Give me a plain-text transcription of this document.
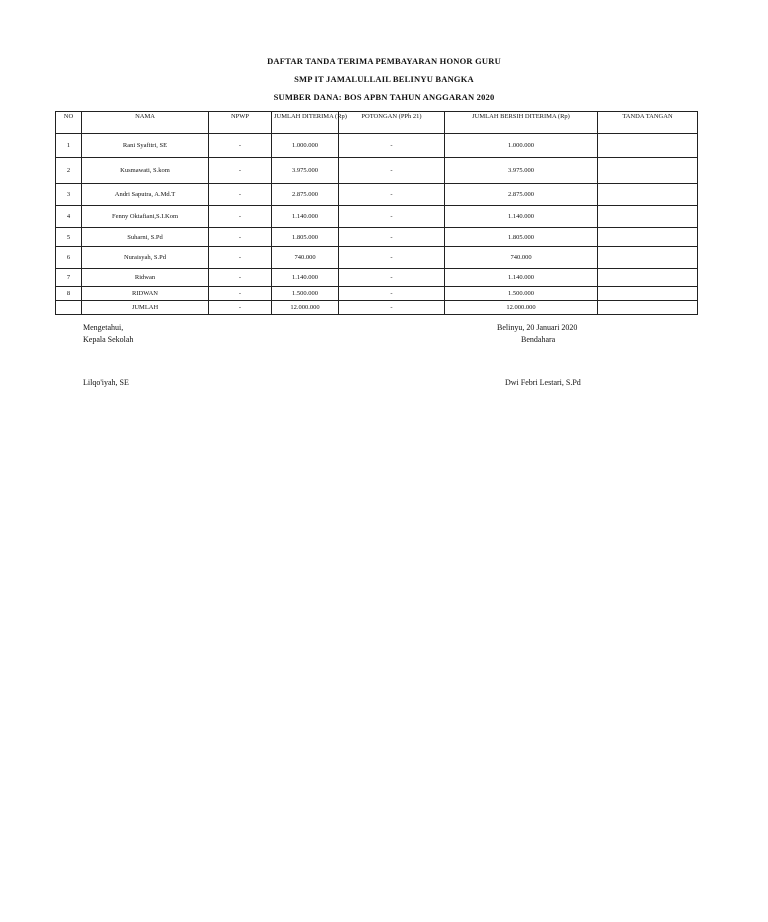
DAFTAR TANDA TERIMA PEMBAYARAN HONOR GURU
SMP IT JAMALULLAIL BELINYU BANGKA
SUMBER DANA: BOS APBN TAHUN ANGGARAN 2020
NO	NAMA	NPWP	JUMLAH DITERIMA (Rp)	POTONGAN (PPh 21)	JUMLAH BERSIH DITERIMA (Rp)	TANDA TANGAN
1	Rani Syafitri, SE	-	1.000.000	-	1.000.000	
2	Kusmawati, S.kom	-	3.975.000	-	3.975.000	
3	Andri Saputra, A.Md.T	-	2.875.000	-	2.875.000	
4	Fenny Oktafiani,S.I.Kom	-	1.140.000	-	1.140.000	
5	Suharni, S.Pd	-	1.805.000	-	1.805.000	
6	Nuraisyah, S.Pd	-	740.000	-	740.000	
7	Ridwan	-	1.140.000	-	1.140.000	
8	RIDWAN	-	1.500.000	-	1.500.000	
	JUMLAH	-	12.000.000	-	12.000.000	
Mengetahui,
Kepala Sekolah
Lilqo'iyah, SE
Belinyu, 20 Januari 2020
Bendahara
Dwi Febri Lestari, S.Pd
